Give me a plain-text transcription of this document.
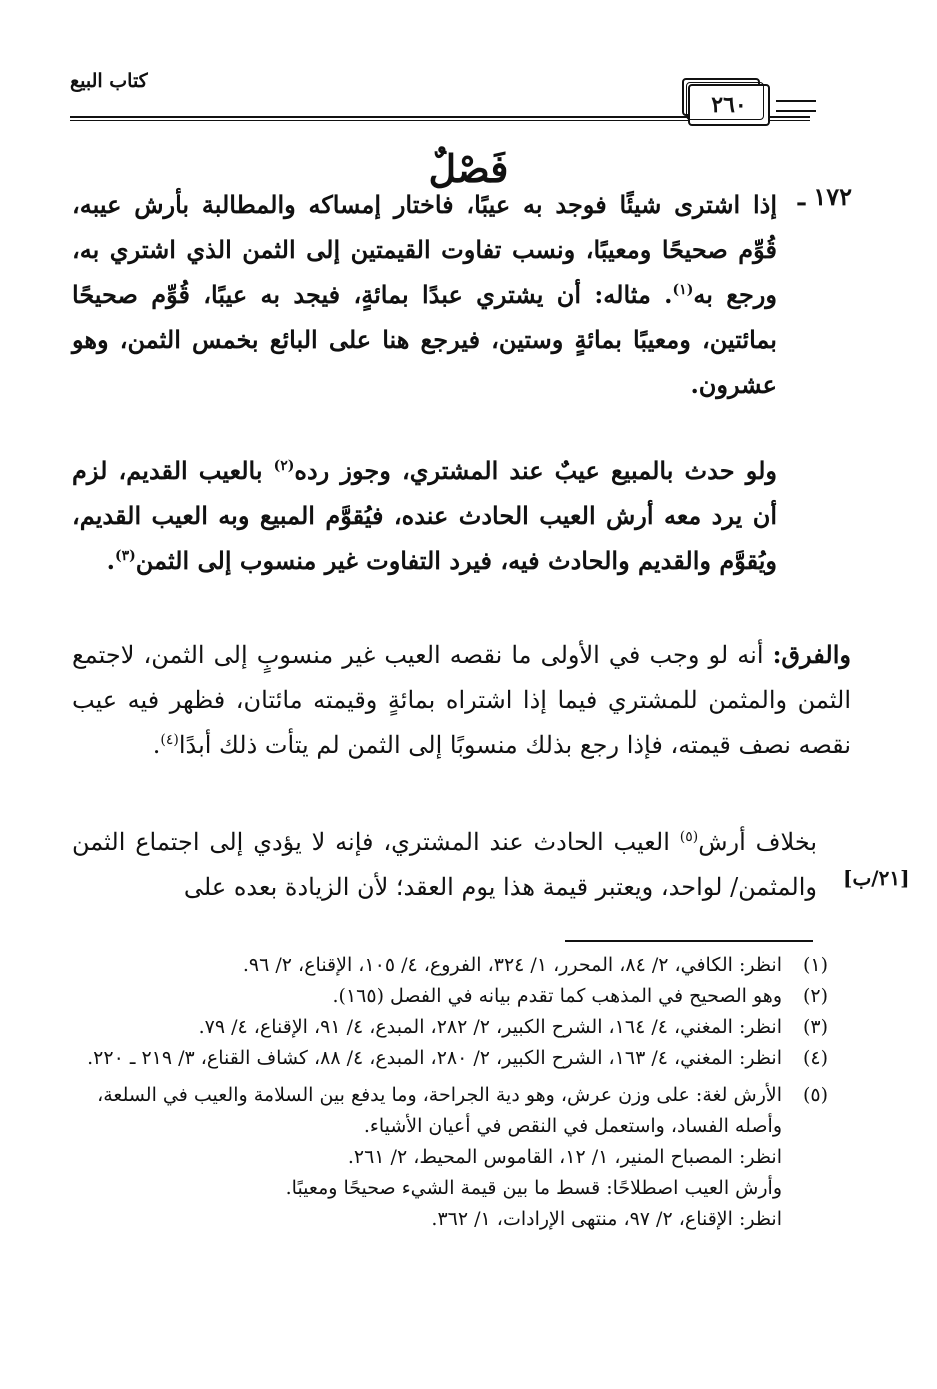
كتاب البيع
٢٦٠
فَصْلٌ
١٧٢ ـ
إذا اشترى شيئًا فوجد به عيبًا، فاختار إمساكه والمطالبة بأرش عيبه، قُوِّم صحيحًا ومعيبًا، ونسب تفاوت القيمتين إلى الثمن الذي اشتري به، ورجع به$^{(١)}$. مثاله: أن يشتري عبدًا بمائةٍ، فيجد به عيبًا، قُوِّم صحيحًا بمائتين، ومعيبًا بمائةٍ وستين، فيرجع هنا على البائع بخمس الثمن، وهو عشرون.
ولو حدث بالمبيع عيبٌ عند المشتري، وجوز رده$^{(٢)}$ بالعيب القديم، لزم أن يرد معه أرش العيب الحادث عنده، فيُقوَّم المبيع وبه العيب القديم، ويُقوَّم والقديم والحادث فيه، فيرد التفاوت غير منسوب إلى الثمن$^{(٣)}$.
والفرق: أنه لو وجب في الأولى ما نقصه العيب غير منسوبٍ إلى الثمن، لاجتمع الثمن والمثمن للمشتري فيما إذا اشتراه بمائةٍ وقيمته مائتان، فظهر فيه عيب نقصه نصف قيمته، فإذا رجع بذلك منسوبًا إلى الثمن لم يتأت ذلك أبدًا$^{(٤)}$.
بخلاف أرش$^{(٥)}$ العيب الحادث عند المشتري، فإنه لا يؤدي إلى اجتماع الثمن والمثمن/ لواحد، ويعتبر قيمة هذا يوم العقد؛ لأن الزيادة بعده على [٢١/ب]
(١)
انظر: الكافي، ٢/ ٨٤، المحرر، ١/ ٣٢٤، الفروع، ٤/ ١٠٥، الإقناع، ٢/ ٩٦.
(٢)
وهو الصحيح في المذهب كما تقدم بيانه في الفصل (١٦٥).
(٣)
انظر: المغني، ٤/ ١٦٤، الشرح الكبير، ٢/ ٢٨٢، المبدع، ٤/ ٩١، الإقناع، ٤/ ٧٩.
(٤)
انظر: المغني، ٤/ ١٦٣، الشرح الكبير، ٢/ ٢٨٠، المبدع، ٤/ ٨٨، كشاف القناع، ٣/ ٢١٩ ـ ٢٢٠.
(٥)
الأرش لغة: على وزن عرش، وهو دية الجراحة، وما يدفع بين السلامة والعيب في السلعة، وأصله الفساد، واستعمل في النقص في أعيان الأشياء.
انظر: المصباح المنير، ١/ ١٢، القاموس المحيط، ٢/ ٢٦١.
وأرش العيب اصطلاحًا: قسط ما بين قيمة الشيء صحيحًا ومعيبًا.
انظر: الإقناع، ٢/ ٩٧، منتهى الإرادات، ١/ ٣٦٢.
